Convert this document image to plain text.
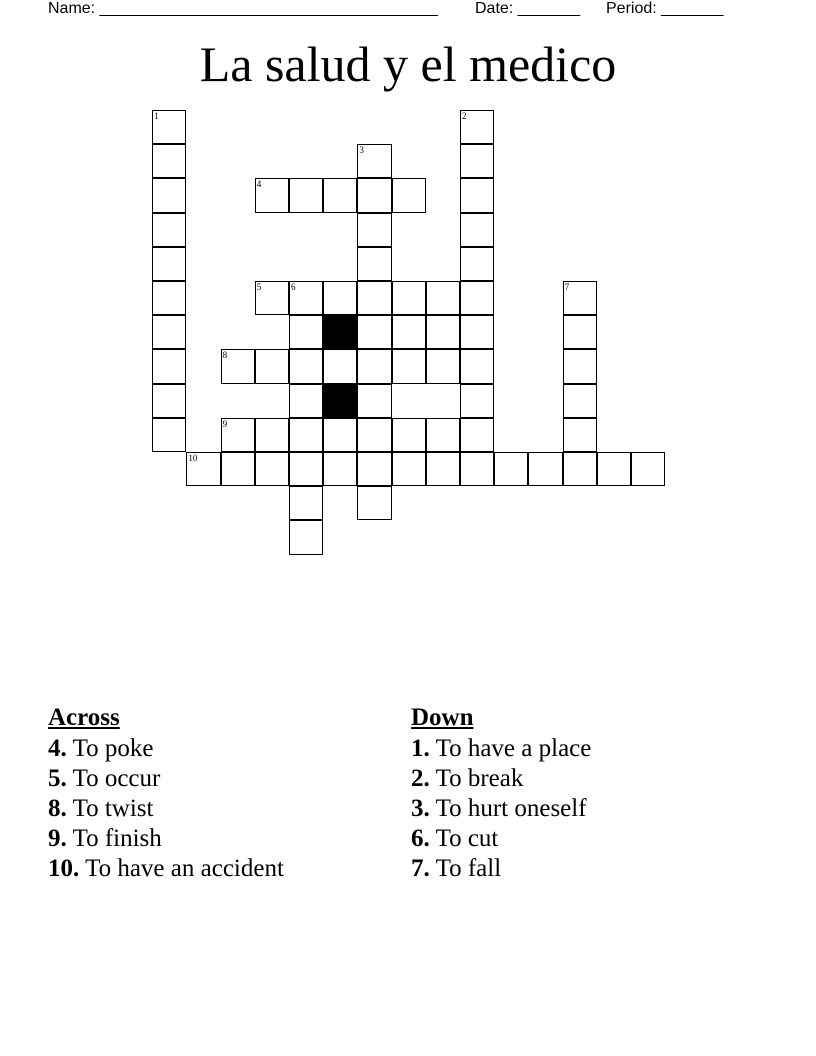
Name: ______________________________________ Date: _______ Period: _______
La salud y el medico
1	2
3
4
5	6
8
9
7
10
Across
4. To poke
5. To occur
8. To twist
9. To finish
10. To have an accident
Down
1. To have a place
2. To break
3. To hurt oneself
6. To cut
7. To fall
